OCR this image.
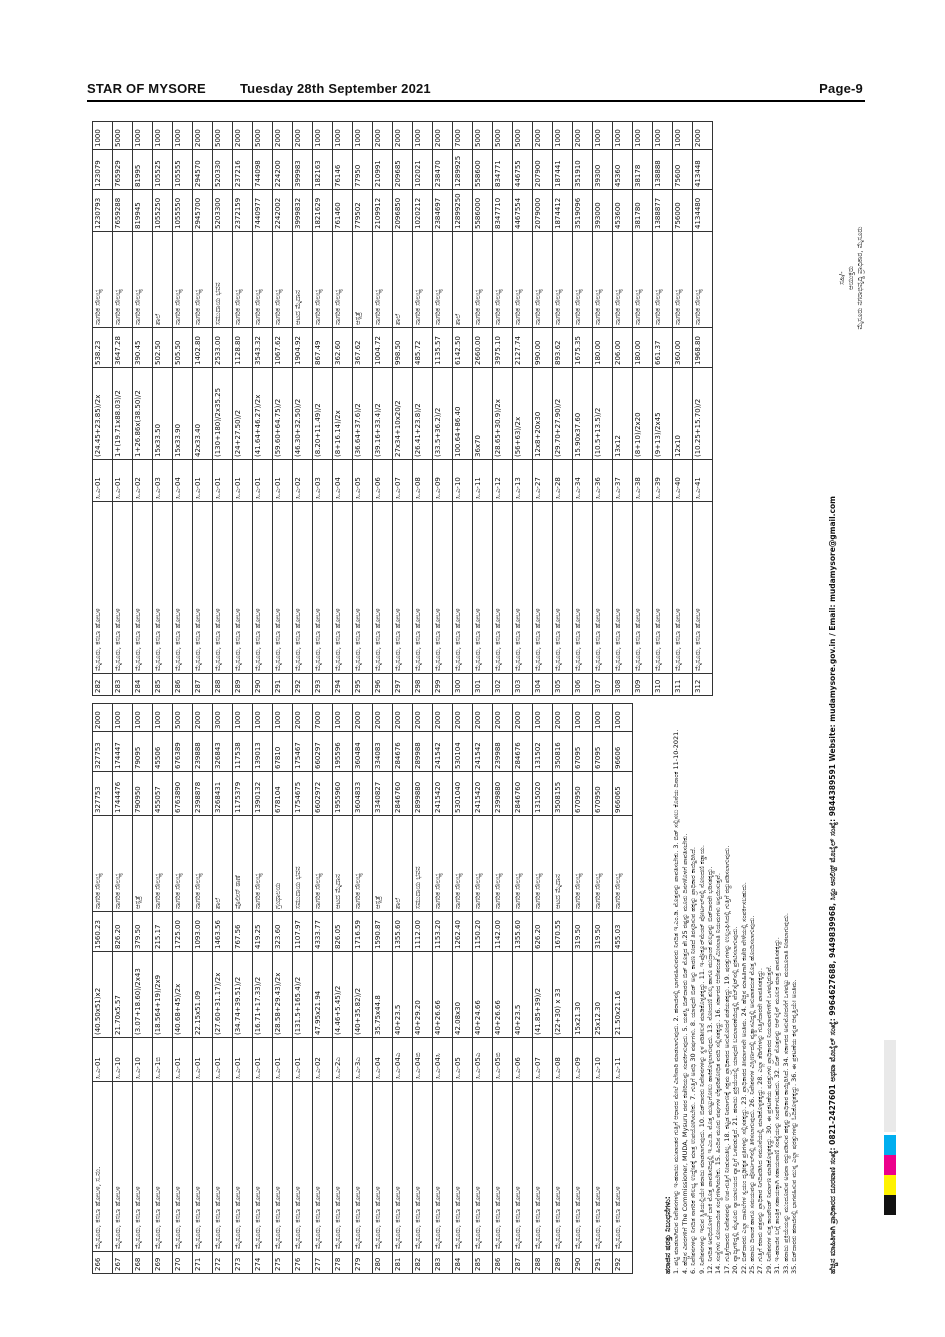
STAR OF MYSORE	Tuesday 28th September 2021	Page-9
266	ಮೈಸೂರು, ಕಸಬಾ ಹೋಬಳಿ, ಸ.ನಂ.	ಸಿ.ಎ-01	(40.50x51)x2	1560.23	ನಾಗರಿಕ ಸೌಲಭ್ಯ	327753	327753	2000
267	ಮೈಸೂರು, ಕಸಬಾ ಹೋಬಳಿ	ಸಿ.ಎ-10	21.70x5.57	826.20	ನಾಗರಿಕ ಸೌಲಭ್ಯ	1744476	174447	1000
268	ಮೈಸೂರು, ಕಸಬಾ ಹೋಬಳಿ	ಸಿ.ಎ-10	(3.07+18.60)/2x43	379.50	ಆಸ್ಪತ್ರೆ	790950	79095	1000
269	ಮೈಸೂರು, ಕಸಬಾ ಹೋಬಳಿ	ಸಿ.ಎ-1ಬಿ	(18.564+19)/2x9	215.17	ನಾಗರಿಕ ಸೌಲಭ್ಯ	455057	45506	1000
270	ಮೈಸೂರು, ಕಸಬಾ ಹೋಬಳಿ	ಸಿ.ಎ-01	(40.68+45)/2x	1725.00	ನಾಗರಿಕ ಸೌಲಭ್ಯ	6763890	676389	5000
271	ಮೈಸೂರು, ಕಸಬಾ ಹೋಬಳಿ	ಸಿ.ಎ-01	22.15x51.09	1093.00	ನಾಗರಿಕ ಸೌಲಭ್ಯ	2398878	239888	2000
272	ಮೈಸೂರು, ಕಸಬಾ ಹೋಬಳಿ	ಸಿ.ಎ-01	(27.60+31.17)/2x	1463.56	ಶಾಲೆ	3268431	326843	3000
273	ಮೈಸೂರು, ಕಸಬಾ ಹೋಬಳಿ	ಸಿ.ಎ-01	(34.74+39.51)/2	767.56	ಪೊಲೀಸ್ ಠಾಣೆ	1175379	117538	1000
274	ಮೈಸೂರು, ಕಸಬಾ ಹೋಬಳಿ	ಸಿ.ಎ-01	(16.71+17.33)/2	419.25	ನಾಗರಿಕ ಸೌಲಭ್ಯ	1390132	139013	1000
275	ಮೈಸೂರು, ಕಸಬಾ ಹೋಬಳಿ	ಸಿ.ಎ-01	(28.58+29.43)/2x	323.60	ಗ್ರಂಥಾಲಯ	678104	67810	1000
276	ಮೈಸೂರು, ಕಸಬಾ ಹೋಬಳಿ	ಸಿ.ಎ-01	(131.5+165.4)/2	1107.97	ಸಮುದಾಯ ಭವನ	1754675	175467	2000
277	ಮೈಸೂರು, ಕಸಬಾ ಹೋಬಳಿ	ಸಿ.ಎ-02	47.95x21.94	4333.77	ನಾಗರಿಕ ಸೌಲಭ್ಯ	6602972	660297	7000
278	ಮೈಸೂರು, ಕಸಬಾ ಹೋಬಳಿ	ಸಿ.ಎ-2ಎ	(4.46+5.45)/2	826.05	ಆಟದ ಮೈದಾನ	1955960	195596	1000
279	ಮೈಸೂರು, ಕಸಬಾ ಹೋಬಳಿ	ಸಿ.ಎ-3ಎ	(40+35.82)/2	1716.59	ನಾಗರಿಕ ಸೌಲಭ್ಯ	3604833	360484	2000
280	ಮೈಸೂರು, ಕಸಬಾ ಹೋಬಳಿ	ಸಿ.ಎ-04	35.75x44.8	1590.87	ಆಸ್ಪತ್ರೆ	3340827	334083	2000
281	ಮೈಸೂರು, ಕಸಬಾ ಹೋಬಳಿ	ಸಿ.ಎ-04ಎ	40+23.5	1355.60	ಶಾಲೆ	2846760	284676	2000
282	ಮೈಸೂರು, ಕಸಬಾ ಹೋಬಳಿ	ಸಿ.ಎ-04ಬಿ	40+29.20	1112.00	ಸಮುದಾಯ ಭವನ	2899880	289988	2000
283	ಮೈಸೂರು, ಕಸಬಾ ಹೋಬಳಿ	ಸಿ.ಎ-04ಸಿ	40+26.66	1153.20	ನಾಗರಿಕ ಸೌಲಭ್ಯ	2415420	241542	2000
284	ಮೈಸೂರು, ಕಸಬಾ ಹೋಬಳಿ	ಸಿ.ಎ-05	42.08x30	1262.40	ನಾಗರಿಕ ಸೌಲಭ್ಯ	5301040	530104	2000
285	ಮೈಸೂರು, ಕಸಬಾ ಹೋಬಳಿ	ಸಿ.ಎ-05ಎ	40+24.66	1150.20	ನಾಗರಿಕ ಸೌಲಭ್ಯ	2415420	241542	2000
286	ಮೈಸೂರು, ಕಸಬಾ ಹೋಬಳಿ	ಸಿ.ಎ-05ಬಿ	40+26.66	1142.00	ನಾಗರಿಕ ಸೌಲಭ್ಯ	2399880	239988	2000
287	ಮೈಸೂರು, ಕಸಬಾ ಹೋಬಳಿ	ಸಿ.ಎ-06	40+23.5	1355.60	ನಾಗರಿಕ ಸೌಲಭ್ಯ	2846760	284676	2000
288	ಮೈಸೂರು, ಕಸಬಾ ಹೋಬಳಿ	ಸಿ.ಎ-07	(41.85+39)/2	626.20	ನಾಗರಿಕ ಸೌಲಭ್ಯ	1315020	131502	1000
289	ಮೈಸೂರು, ಕಸಬಾ ಹೋಬಳಿ	ಸಿ.ಎ-08	(22+30) x 33	1670.55	ಆಟದ ಮೈದಾನ	3508155	350816	2000
290	ಮೈಸೂರು, ಕಸಬಾ ಹೋಬಳಿ	ಸಿ.ಎ-09	15x21.30	319.50	ನಾಗರಿಕ ಸೌಲಭ್ಯ	670950	67095	1000
291	ಮೈಸೂರು, ಕಸಬಾ ಹೋಬಳಿ	ಸಿ.ಎ-10	25x12.30	319.50	ನಾಗರಿಕ ಸೌಲಭ್ಯ	670950	67095	1000
292	ಮೈಸೂರು, ಕಸಬಾ ಹೋಬಳಿ	ಸಿ.ಎ-11	21.50x21.16	455.03	ನಾಗರಿಕ ಸೌಲಭ್ಯ	966065	96606	1000
282	ಮೈಸೂರು, ಕಸಬಾ ಹೋಬಳಿ	ಸಿ.ಎ-01	(24.45+23.85)/2x	538.23	ನಾಗರಿಕ ಸೌಲಭ್ಯ	1230793	123079	1000
283	ಮೈಸೂರು, ಕಸಬಾ ಹೋಬಳಿ	ಸಿ.ಎ-01	1+(19.71x88.03)/2	3647.28	ನಾಗರಿಕ ಸೌಲಭ್ಯ	7659288	765929	5000
284	ಮೈಸೂರು, ಕಸಬಾ ಹೋಬಳಿ	ಸಿ.ಎ-02	1+26.86x(38.50)/2	390.45	ನಾಗರಿಕ ಸೌಲಭ್ಯ	819945	81995	1000
285	ಮೈಸೂರು, ಕಸಬಾ ಹೋಬಳಿ	ಸಿ.ಎ-03	15x33.50	502.50	ಶಾಲೆ	1055250	105525	1000
286	ಮೈಸೂರು, ಕಸಬಾ ಹೋಬಳಿ	ಸಿ.ಎ-04	15x33.90	505.50	ನಾಗರಿಕ ಸೌಲಭ್ಯ	1055550	105555	1000
287	ಮೈಸೂರು, ಕಸಬಾ ಹೋಬಳಿ	ಸಿ.ಎ-01	42x33.40	1402.80	ನಾಗರಿಕ ಸೌಲಭ್ಯ	2945700	294570	2000
288	ಮೈಸೂರು, ಕಸಬಾ ಹೋಬಳಿ	ಸಿ.ಎ-01	(130+180)/2x35.25	2533.00	ಸಮುದಾಯ ಭವನ	5203300	520330	5000
289	ಮೈಸೂರು, ಕಸಬಾ ಹೋಬಳಿ	ಸಿ.ಎ-01	(24+27.50)/2	1128.80	ನಾಗರಿಕ ಸೌಲಭ್ಯ	2372159	237216	2000
290	ಮೈಸೂರು, ಕಸಬಾ ಹೋಬಳಿ	ಸಿ.ಎ-01	(41.64+46.27)/2x	3543.32	ನಾಗರಿಕ ಸೌಲಭ್ಯ	7440977	744098	5000
291	ಮೈಸೂರು, ಕಸಬಾ ಹೋಬಳಿ	ಸಿ.ಎ-01	(59.60+64.75)/2	1067.62	ನಾಗರಿಕ ಸೌಲಭ್ಯ	2242002	224200	2000
292	ಮೈಸೂರು, ಕಸಬಾ ಹೋಬಳಿ	ಸಿ.ಎ-02	(46.30+32.50)/2	1904.92	ಆಟದ ಮೈದಾನ	3999832	399983	2000
293	ಮೈಸೂರು, ಕಸಬಾ ಹೋಬಳಿ	ಸಿ.ಎ-03	(8.20+11.49)/2	867.49	ನಾಗರಿಕ ಸೌಲಭ್ಯ	1821629	182163	1000
294	ಮೈಸೂರು, ಕಸಬಾ ಹೋಬಳಿ	ಸಿ.ಎ-04	(8+16.14)/2x	362.60	ನಾಗರಿಕ ಸೌಲಭ್ಯ	761460	76146	1000
295	ಮೈಸೂರು, ಕಸಬಾ ಹೋಬಳಿ	ಸಿ.ಎ-05	(36.64+37.6)/2	367.62	ಆಸ್ಪತ್ರೆ	779502	77950	1000
296	ಮೈಸೂರು, ಕಸಬಾ ಹೋಬಳಿ	ಸಿ.ಎ-06	(39.16+33.4)/2	1004.72	ನಾಗರಿಕ ಸೌಲಭ್ಯ	2109912	210991	2000
297	ಮೈಸೂರು, ಕಸಬಾ ಹೋಬಳಿ	ಸಿ.ಎ-07	27x34+10x20/2	998.50	ಶಾಲೆ	2096850	209685	2000
298	ಮೈಸೂರು, ಕಸಬಾ ಹೋಬಳಿ	ಸಿ.ಎ-08	(26.41+23.8)/2	485.72	ನಾಗರಿಕ ಸೌಲಭ್ಯ	1020212	102021	1000
299	ಮೈಸೂರು, ಕಸಬಾ ಹೋಬಳಿ	ಸಿ.ಎ-09	(33.5+36.2)/2	1135.57	ನಾಗರಿಕ ಸೌಲಭ್ಯ	2384697	238470	2000
300	ಮೈಸೂರು, ಕಸಬಾ ಹೋಬಳಿ	ಸಿ.ಎ-10	100.64+86.40	6142.50	ಶಾಲೆ	12899250	1289925	7000
301	ಮೈಸೂರು, ಕಸಬಾ ಹೋಬಳಿ	ಸಿ.ಎ-11	36x70	2660.00	ನಾಗರಿಕ ಸೌಲಭ್ಯ	5586000	558600	5000
302	ಮೈಸೂರು, ಕಸಬಾ ಹೋಬಳಿ	ಸಿ.ಎ-12	(28.65+30.9)/2x	3975.10	ನಾಗರಿಕ ಸೌಲಭ್ಯ	8347710	834771	5000
303	ಮೈಸೂರು, ಕಸಬಾ ಹೋಬಳಿ	ಸಿ.ಎ-13	(56+63)/2x	2127.74	ನಾಗರಿಕ ಸೌಲಭ್ಯ	4467554	446755	5000
304	ಮೈಸೂರು, ಕಸಬಾ ಹೋಬಳಿ	ಸಿ.ಎ-27	12x8+20x30	990.00	ನಾಗರಿಕ ಸೌಲಭ್ಯ	2079000	207900	2000
305	ಮೈಸೂರು, ಕಸಬಾ ಹೋಬಳಿ	ಸಿ.ಎ-28	(29.70+27.90)/2	893.62	ನಾಗರಿಕ ಸೌಲಭ್ಯ	1874412	187441	1000
306	ಮೈಸೂರು, ಕಸಬಾ ಹೋಬಳಿ	ಸಿ.ಎ-34	15.90x37.60	1675.35	ನಾಗರಿಕ ಸೌಲಭ್ಯ	3519096	351910	2000
307	ಮೈಸೂರು, ಕಸಬಾ ಹೋಬಳಿ	ಸಿ.ಎ-36	(10.5+13.5)/2	180.00	ನಾಗರಿಕ ಸೌಲಭ್ಯ	393000	39300	1000
308	ಮೈಸೂರು, ಕಸಬಾ ಹೋಬಳಿ	ಸಿ.ಎ-37	13x12	206.00	ನಾಗರಿಕ ಸೌಲಭ್ಯ	453600	45360	1000
309	ಮೈಸೂರು, ಕಸಬಾ ಹೋಬಳಿ	ಸಿ.ಎ-38	(8+10)/2x20	180.00	ನಾಗರಿಕ ಸೌಲಭ್ಯ	381780	38178	1000
310	ಮೈಸೂರು, ಕಸಬಾ ಹೋಬಳಿ	ಸಿ.ಎ-39	(9+13)/2x45	661.37	ನಾಗರಿಕ ಸೌಲಭ್ಯ	1388877	138888	1000
311	ಮೈಸೂರು, ಕಸಬಾ ಹೋಬಳಿ	ಸಿ.ಎ-40	12x10	360.00	ನಾಗರಿಕ ಸೌಲಭ್ಯ	756000	75600	1000
312	ಮೈಸೂರು, ಕಸಬಾ ಹೋಬಳಿ	ಸಿ.ಎ-41	(10.25+15.70)/2	1968.80	ನಾಗರಿಕ ಸೌಲಭ್ಯ	4134480	413448	2000
ಹರಾಜಿನ ಷರತ್ತು ನಿಬಂಧನೆಗಳು: 1. ಪಟ್ಟಿ ಮಾಡಲಾಗಿರುವ ನಿವೇಶನಗಳನ್ನು ಇ-ಹರಾಜು ಮುಖಾಂತರ ಗುತ್ತಿಗೆ ಆಧಾರದ ಮೇಲೆ ವಿಲೇವಾರಿ ಮಾಡಲಾಗುವುದು. 2. ಹರಾಜಿನಲ್ಲಿ ಭಾಗವಹಿಸುವವರು ನಿಗದಿತ ಇ.ಎಂ.ಡಿ. ಮೊತ್ತವನ್ನು ಪಾವತಿಸಬೇಕು. 3. ಬಿಡ್ ಸಲ್ಲಿಸಲು ಕೊನೆಯ ದಿನಾಂಕ 11-10-2021. 4. ಹೆಚ್ಚಿನ ವಿವರಗಳಿಗೆ The Commissioner, MUDA, Mysuru ರವರ ಕಚೇರಿಯನ್ನು ಸಂಪರ್ಕಿಸುವುದು. 5. ಯಶಸ್ವಿ ಬಿಡ್‌ದಾರರು ಬಿಡ್ ಮೊತ್ತದ ಶೇ.25 ರಷ್ಟನ್ನು ಮೂರು ದಿನಗಳೊಳಗೆ ಪಾವತಿಸಬೇಕು. 6. ನಿವೇಶನಗಳನ್ನು ನಿಗದಿತ ನಾಗರಿಕ ಸೌಲಭ್ಯ ಉದ್ದೇಶಕ್ಕೆ ಮಾತ್ರ ಉಪಯೋಗಿಸಬೇಕು. 7. ಗುತ್ತಿಗೆ ಅವಧಿ 30 ವರ್ಷಗಳು. 8. ಯಾವುದೇ ಬಿಡ್ ಅನ್ನು ಕಾರಣ ನೀಡದೆ ತಿರಸ್ಕರಿಸುವ ಹಕ್ಕನ್ನು ಪ್ರಾಧಿಕಾರ ಕಾಯ್ದಿರಿಸಿದೆ. 9. ನಿವೇಶನಗಳನ್ನು ಇರುವ ಸ್ಥಿತಿಯಲ್ಲಿಯೇ ಹರಾಜು ಮಾಡಲಾಗುವುದು. 10. ಬಿಡ್‌ದಾರರು ನಿವೇಶನಗಳನ್ನು ಸ್ಥಳ ಪರಿಶೀಲನೆ ಮಾಡಿಕೊಳ್ಳತಕ್ಕದ್ದು. 11. ಇ-ಪ್ರೊಕ್ಯೂರ್‌ಮೆಂಟ್ ಪೋರ್ಟಲ್‌ನಲ್ಲಿ ನೋಂದಣಿ ಕಡ್ಡಾಯ. 12. ನಿಗದಿತ ಅವಧಿಯೊಳಗೆ ಬಾಕಿ ಮೊತ್ತ ಪಾವತಿಸದಿದ್ದಲ್ಲಿ ಇ.ಎಂ.ಡಿ. ಮೊತ್ತ ಮುಟ್ಟುಗೋಲು ಹಾಕಿಕೊಳ್ಳಲಾಗುವುದು. 13. ನೋಂದಣಿ ಶುಲ್ಕ ಹಾಗೂ ಮುದ್ರಾಂಕ ಶುಲ್ಕವನ್ನು ಬಿಡ್‌ದಾರರೇ ಭರಿಸತಕ್ಕದ್ದು. 14. ಸಂಸ್ಥೆಗಳು ನೋಂದಾಯಿತ ಸಂಸ್ಥೆಗಳಾಗಿರಬೇಕು. 15. ಹಿಂದಿನ ಮೂರು ವರ್ಷಗಳ ಲೆಕ್ಕಪರಿಶೋಧಿತ ವರದಿ ಸಲ್ಲಿಸತಕ್ಕದ್ದು. 16. ಸರ್ಕಾರದ ಆದೇಶದಂತೆ ಮೀಸಲಾತಿ ನಿಯಮಗಳು ಅನ್ವಯಿಸುತ್ತವೆ. 17. ಗುತ್ತಿಗೆದಾರರು ನಿವೇಶನವನ್ನು ಉಪ-ಗುತ್ತಿಗೆ ನೀಡುವಂತಿಲ್ಲ. 18. ಕಟ್ಟಡ ನಿರ್ಮಾಣಕ್ಕೆ ಸಕ್ಷಮ ಪ್ರಾಧಿಕಾರದ ಅನುಮೋದನೆ ಪಡೆಯತಕ್ಕದ್ದು. 19. ಷರತ್ತುಗಳನ್ನು ಉಲ್ಲಂಘಿಸಿದಲ್ಲಿ ಗುತ್ತಿಗೆ ರದ್ದುಪಡಿಸಲಾಗುವುದು. 20. ವ್ಯಾಜ್ಯಗಳಿದ್ದಲ್ಲಿ ಮೈಸೂರು ನ್ಯಾಯಾಲಯದ ವ್ಯಾಪ್ತಿಗೆ ಒಳಪಡುತ್ತದೆ. 21. ಹರಾಜು ಪ್ರಕ್ರಿಯೆಯಲ್ಲಿ ಯಾವುದೇ ಬದಲಾವಣೆಯಿದ್ದಲ್ಲಿ ವೆಬ್‌ಸೈಟ್‌ನಲ್ಲಿ ಪ್ರಕಟಿಸಲಾಗುವುದು. 22. ಬಿಡ್‌ದಾರರು ಎಲ್ಲಾ ದಾಖಲೆಗಳ ಸ್ವಯಂ ದೃಢೀಕೃತ ಪ್ರತಿಗಳನ್ನು ಸಲ್ಲಿಸತಕ್ಕದ್ದು. 23. ಪ್ರಾಧಿಕಾರದ ತೀರ್ಮಾನವೇ ಅಂತಿಮ. 24. ಹೆಚ್ಚಿನ ಮಾಹಿತಿಗಾಗಿ ಕಚೇರಿ ವೇಳೆಯಲ್ಲಿ ಸಂಪರ್ಕಿಸಬಹುದು. 25. ಹರಾಜು ದಿನಾಂಕ ಹಾಗೂ ಸಮಯವನ್ನು ಪೋರ್ಟಲ್‌ನಲ್ಲಿ ತಿಳಿಸಲಾಗುವುದು. 26. ನಿವೇಶನಗಳ ವಿಸ್ತೀರ್ಣದಲ್ಲಿ ವ್ಯತ್ಯಾಸವಿದ್ದಲ್ಲಿ ಅನುಪಾತದಂತೆ ಮೊತ್ತ ಹೊಂದಿಸಲಾಗುವುದು. 27. ಗುತ್ತಿಗೆ ಕರಾರು ಪತ್ರವನ್ನು ಪ್ರಾಧಿಕಾರ ನಿಗದಿಪಡಿಸಿದ ನಮೂನೆಯಲ್ಲಿ ಮಾಡಿಕೊಳ್ಳತಕ್ಕದ್ದು. 28. ಎಲ್ಲಾ ತೆರಿಗೆಗಳನ್ನು ಗುತ್ತಿಗೆದಾರರೇ ಪಾವತಿಸತಕ್ಕದ್ದು. 29. ನಿವೇಶನಗಳ ಸುತ್ತ ಕಾಂಪೌಂಡ್ ನಿರ್ಮಾಣ ಮಾಡಿಕೊಳ್ಳತಕ್ಕದ್ದು. 30. ಈ ಪ್ರಕಟಣೆಯ ಷರತ್ತುಗಳು ಪ್ರಾಧಿಕಾರದ ನಿಯಮಾವಳಿಗಳಿಗೆ ಒಳಪಟ್ಟಿರುತ್ತವೆ. 31. ಇ-ಹರಾಜಿನ ಬಗ್ಗೆ ತಾಂತ್ರಿಕ ಸಹಾಯಕ್ಕಾಗಿ ಸಹಾಯವಾಣಿ ಸಂಖ್ಯೆಯನ್ನು ಸಂಪರ್ಕಿಸಬಹುದು. 32. ಬಿಡ್ ಮೊತ್ತವನ್ನು ಆನ್‌ಲೈನ್ ಮೂಲಕ ಮಾತ್ರ ಪಾವತಿಸತಕ್ಕದ್ದು. 33. ಹರಾಜು ಪ್ರಕ್ರಿಯೆಯನ್ನು ಮುಂದೂಡುವ ಅಥವಾ ರದ್ದುಪಡಿಸುವ ಹಕ್ಕನ್ನು ಪ್ರಾಧಿಕಾರ ಕಾಯ್ದಿರಿಸಿದೆ. 34. ಸರ್ಕಾರದ ಅನುಮೋದನೆಗೆ ಒಳಪಟ್ಟು ಮಂಜೂರಾತಿ ನೀಡಲಾಗುವುದು. 35. ಬಿಡ್‌ದಾರರು ಹರಾಜಿನಲ್ಲಿ ಭಾಗವಹಿಸುವ ಮುನ್ನ ಎಲ್ಲಾ ಷರತ್ತುಗಳನ್ನು ಓದಿಕೊಳ್ಳತಕ್ಕದ್ದು. 36. ಈ ಪ್ರಕಟಣೆಯ ಕನ್ನಡ ಆವೃತ್ತಿಯೇ ಅಂತಿಮ.	ಹೆಚ್ಚಿನ ಮಾಹಿತಿಗಾಗಿ ಪ್ರಾಧಿಕಾರದ ದೂರವಾಣಿ ಸಂಖ್ಯೆ: 0821-2427601 ಅಥವಾ ಮೊಬೈಲ್ ಸಂಖ್ಯೆ: 9964627688, 9449839968, ಸಿಸ್ಟಂ ಅನಲಿಸ್ಟ್ ಮೊಬೈಲ್ ಸಂಖ್ಯೆ: 9844389591 Website: mudamysore.gov.in / Email: mudamysore@gmail.com
ಸಹಿ/- ಆಯುಕ್ತರು ಮೈಸೂರು ನಗರಾಭಿವೃದ್ಧಿ ಪ್ರಾಧಿಕಾರ, ಮೈಸೂರು
